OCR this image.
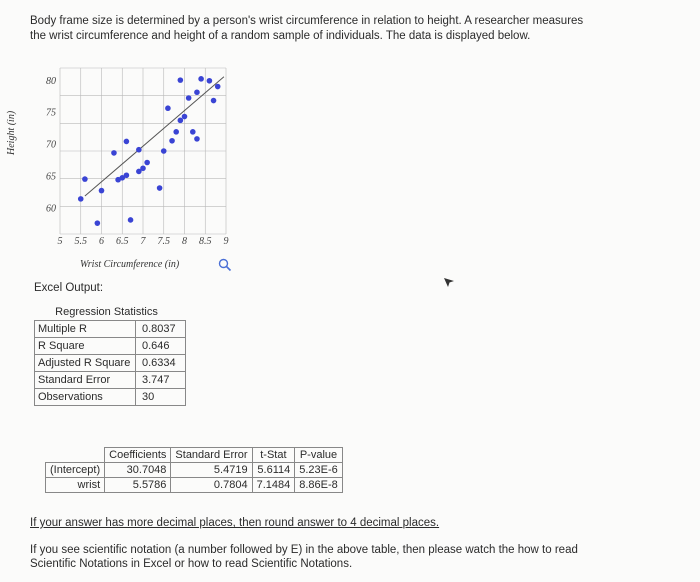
Body frame size is determined by a person's wrist circumference in relation to height. A researcher measures the wrist circumference and height of a random sample of individuals. The data is displayed below.
60
65
70
75
80
5 5.5 6 6.5 7 7.5 8 8.5 9
Height (in)
Wrist Circumference (in)
Excel Output:
Regression Statistics
Multiple R	0.8037
R Square	0.646
Adjusted R Square	0.6334
Standard Error	3.747
Observations	30
	Coefficients	Standard Error	t-Stat	P-value
(Intercept)	30.7048	5.4719	5.6114	5.23E-6
wrist	5.5786	0.7804	7.1484	8.86E-8
If your answer has more decimal places, then round answer to 4 decimal places.
If you see scientific notation (a number followed by E) in the above table, then please watch the how to read Scientific Notations in Excel or how to read Scientific Notations.
